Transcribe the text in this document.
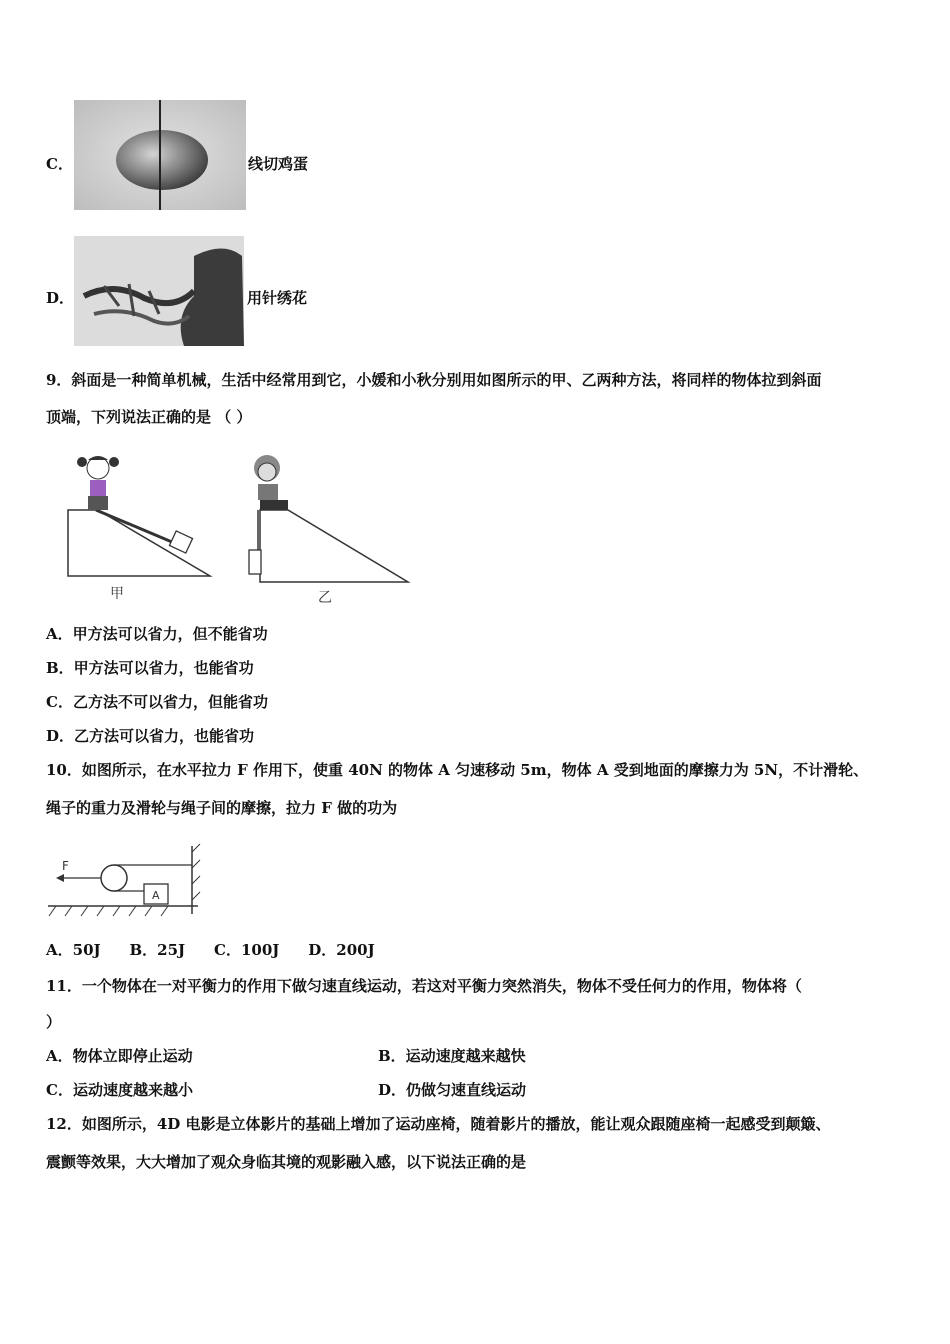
C．	线切鸡蛋
D．	用针绣花
9．斜面是一种简单机械，生活中经常用到它，小媛和小秋分别用如图所示的甲、乙两种方法，将同样的物体拉到斜面
顶端，下列说法正确的是 （ ）
甲	乙
A．甲方法可以省力，但不能省功
B．甲方法可以省力，也能省功
C．乙方法不可以省力，但能省功
D．乙方法可以省力，也能省功
10．如图所示，在水平拉力 F 作用下，使重 40N 的物体 A 匀速移动 5m，物体 A 受到地面的摩擦力为 5N，不计滑轮、
绳子的重力及滑轮与绳子间的摩擦，拉力 F 做的功为
A
F
A．50J    B．25J    C．100J    D．200J
11．一个物体在一对平衡力的作用下做匀速直线运动，若这对平衡力突然消失，物体不受任何力的作用，物体将（
）
A．物体立即停止运动	B．运动速度越来越快
C．运动速度越来越小	D．仍做匀速直线运动
12．如图所示，4D 电影是立体影片的基础上增加了运动座椅，随着影片的播放，能让观众跟随座椅一起感受到颠簸、
震颤等效果，大大增加了观众身临其境的观影融入感，以下说法正确的是
